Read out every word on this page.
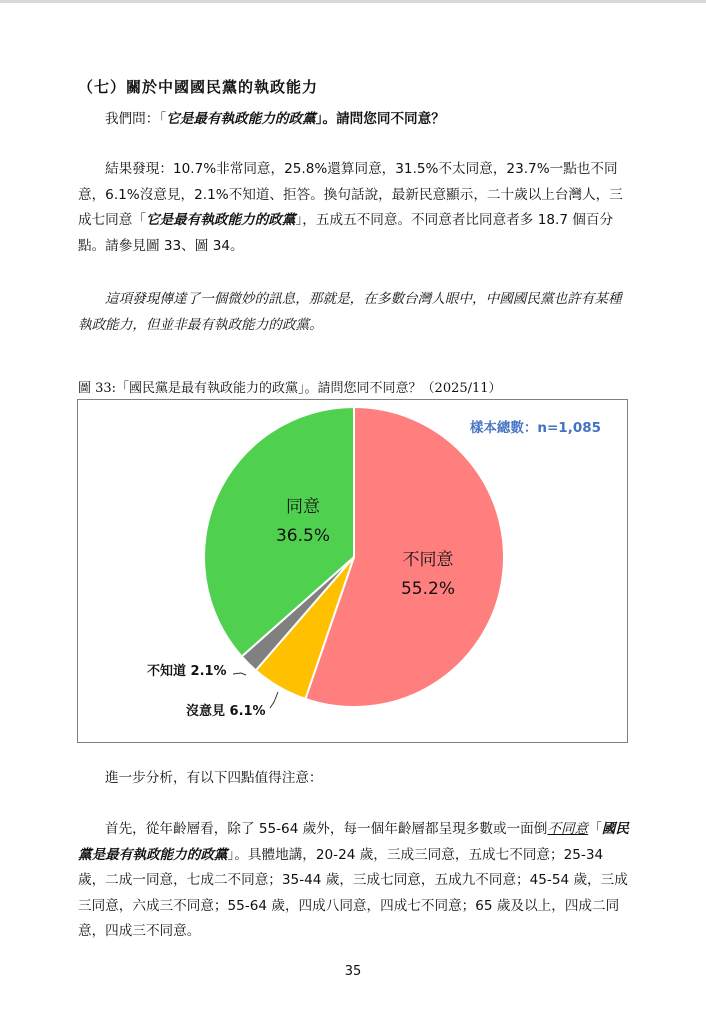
（七）關於中國國民黨的執政能力

我們問：「它是最有執政能力的政黨」。請問您同不同意？

結果發現：10.7%非常同意，25.8%還算同意，31.5%不太同意，23.7%一點也不同意，6.1%沒意見，2.1%不知道、拒答。換句話說，最新民意顯示，二十歲以上台灣人，三成七同意「它是最有執政能力的政黨」，五成五不同意。不同意者比同意者多 18.7 個百分點。請參見圖 33、圖 34。

這項發現傳達了一個微妙的訊息，那就是，在多數台灣人眼中，中國國民黨也許有某種執政能力，但並非最有執政能力的政黨。

圖 33:「國民黨是最有執政能力的政黨」。請問您同不同意？（2025/11）
樣本總數：n=1,085
同意
36.5%
不同意
55.2%
不知道 2.1%
沒意見 6.1%

進一步分析，有以下四點值得注意：

首先，從年齡層看，除了 55-64 歲外，每一個年齡層都呈現多數或一面倒不同意「國民黨是最有執政能力的政黨」。具體地講，20-24 歲，三成三同意，五成七不同意；25-34 歲，二成一同意，七成二不同意；35-44 歲，三成七同意，五成九不同意；45-54 歲，三成三同意，六成三不同意；55-64 歲，四成八同意，四成七不同意；65 歲及以上，四成二同意，四成三不同意。

35
